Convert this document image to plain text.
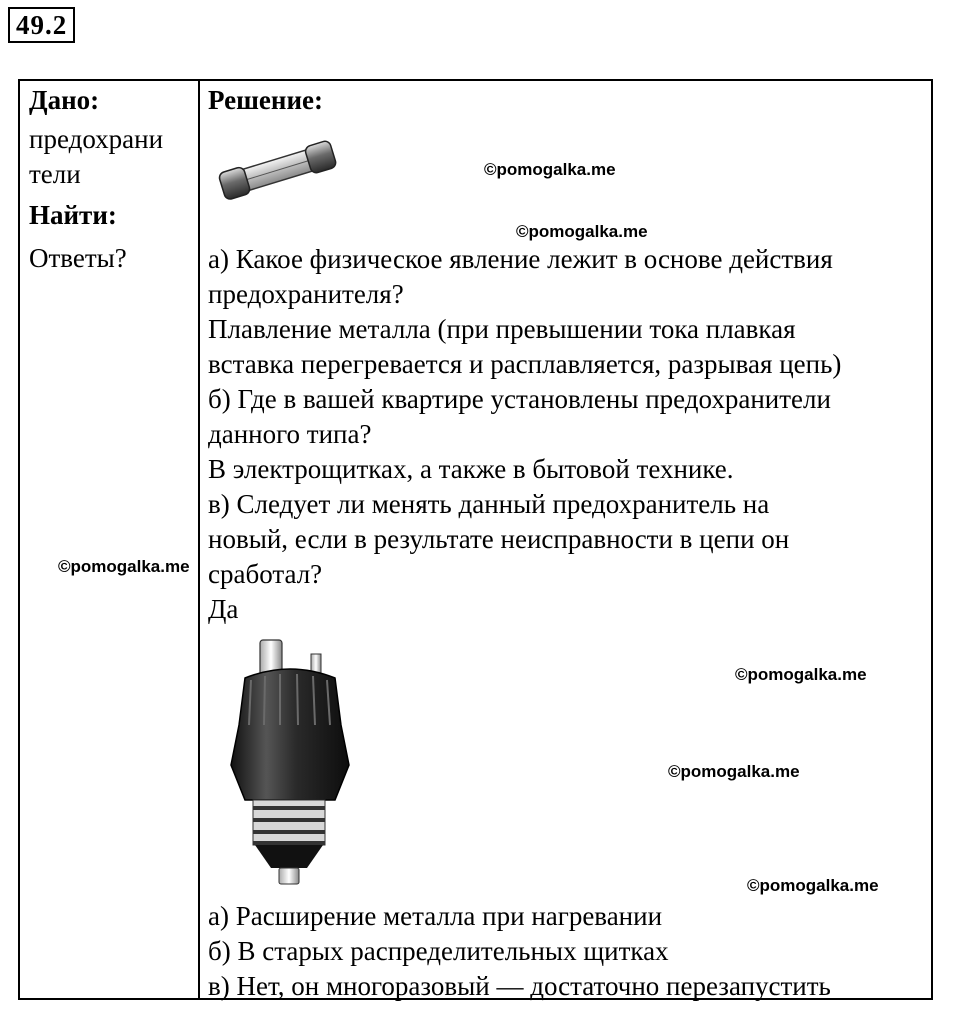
49.2
Дано:
предохрани
тели
Найти:
Ответы?
Решение:
а) Какое физическое явление лежит в основе действия
предохранителя?
Плавление металла (при превышении тока плавкая
вставка перегревается и расплавляется, разрывая цепь)
б) Где в вашей квартире установлены предохранители
данного типа?
В электрощитках, а также в бытовой технике.
в) Следует ли менять данный предохранитель на
новый, если в результате неисправности в цепи он
сработал?
Да
а) Расширение металла при нагревании
б) В старых распределительных щитках
в) Нет, он многоразовый — достаточно перезапустить
©pomogalka.me
©pomogalka.me
©pomogalka.me
©pomogalka.me
©pomogalka.me
©pomogalka.me
